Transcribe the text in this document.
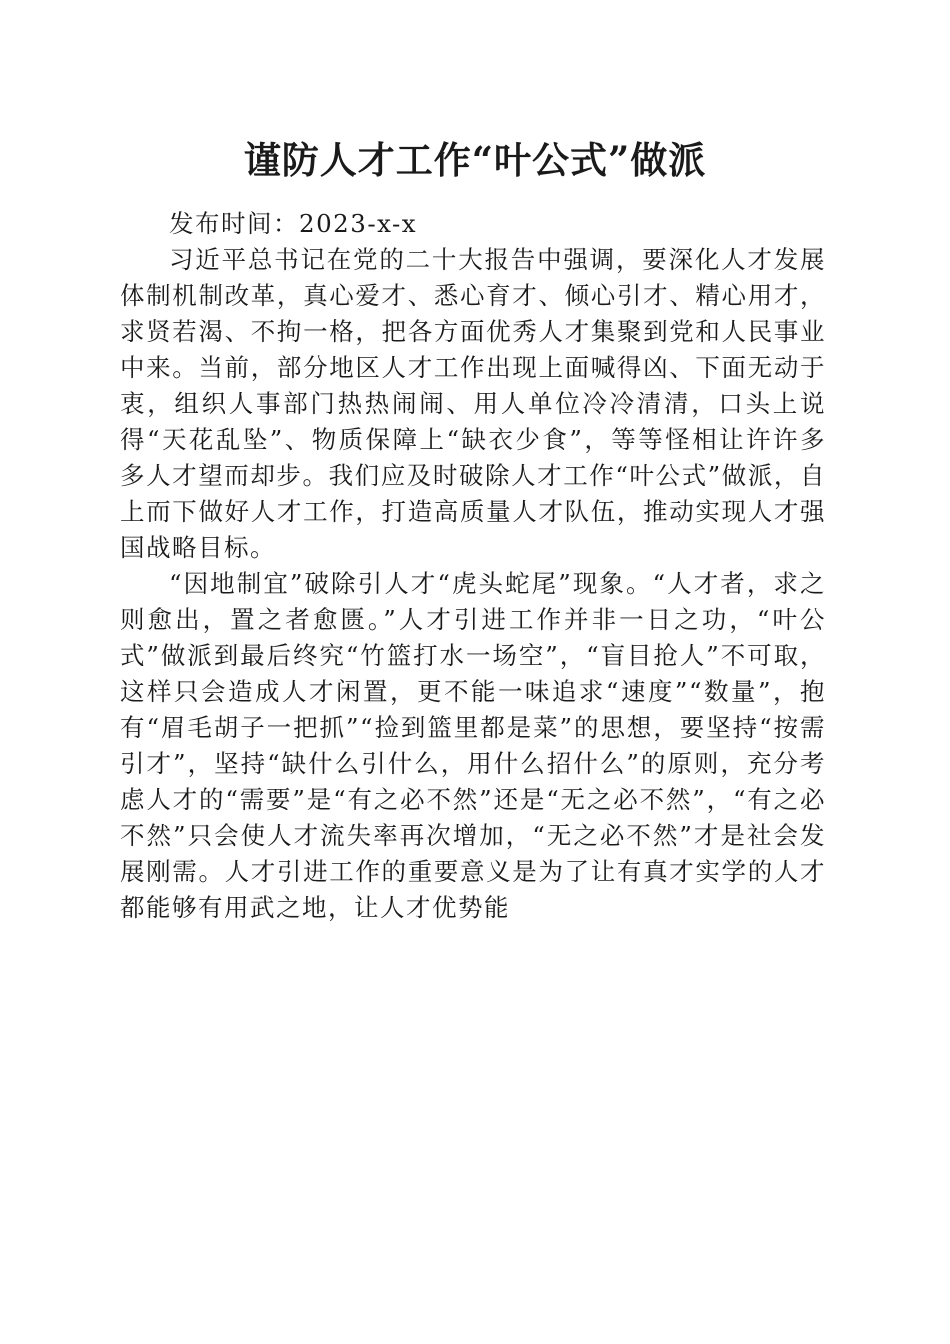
谨防人才工作“叶公式”做派

发布时间：2023-x-x

习近平总书记在党的二十大报告中强调，要深化人才发展体制机制改革，真心爱才、悉心育才、倾心引才、精心用才，求贤若渴、不拘一格，把各方面优秀人才集聚到党和人民事业中来。当前，部分地区人才工作出现上面喊得凶、下面无动于衷，组织人事部门热热闹闹、用人单位冷冷清清，口头上说得“天花乱坠”、物质保障上“缺衣少食”，等等怪相让许许多多人才望而却步。我们应及时破除人才工作“叶公式”做派，自上而下做好人才工作，打造高质量人才队伍，推动实现人才强国战略目标。

“因地制宜”破除引人才“虎头蛇尾”现象。“人才者，求之则愈出，置之者愈匮。”人才引进工作并非一日之功，“叶公式”做派到最后终究“竹篮打水一场空”，“盲目抢人”不可取，这样只会造成人才闲置，更不能一味追求“速度”“数量”，抱有“眉毛胡子一把抓”“捡到篮里都是菜”的思想，要坚持“按需引才”，坚持“缺什么引什么，用什么招什么”的原则，充分考虑人才的“需要”是“有之必不然”还是“无之必不然”，“有之必不然”只会使人才流失率再次增加，“无之必不然”才是社会发展刚需。人才引进工作的重要意义是为了让有真才实学的人才都能够有用武之地，让人才优势能
